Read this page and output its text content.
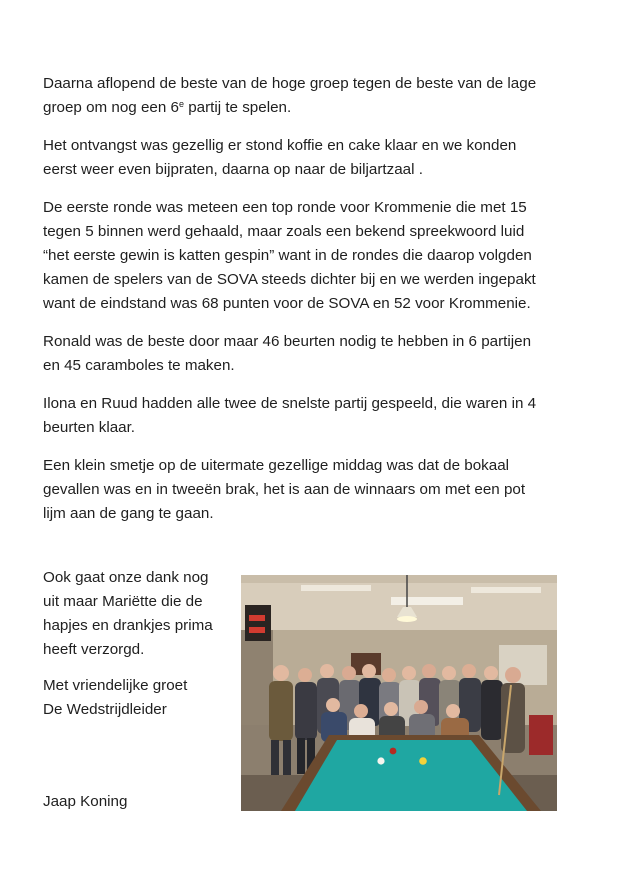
Daarna aflopend de beste van de hoge groep tegen de beste van de lage
groep om nog een 6e partij te spelen.

Het ontvangst was gezellig er stond koffie en cake klaar en we konden
eerst weer even bijpraten, daarna op naar de biljartzaal .

De eerste ronde was meteen een top ronde voor Krommenie die met 15
tegen 5 binnen werd gehaald, maar zoals een bekend spreekwoord luid
“het eerste gewin is katten gespin” want in de rondes die daarop volgden
kamen de spelers van de SOVA steeds dichter bij en we werden ingepakt
want de eindstand was 68 punten voor de SOVA en 52 voor Krommenie.

Ronald was de beste door maar 46 beurten nodig te hebben in 6 partijen
en 45 caramboles te maken.

Ilona en Ruud hadden alle twee de snelste partij gespeeld, die waren in 4
beurten klaar.

Een klein smetje op de uitermate gezellige middag was dat de bokaal
gevallen was en in tweeën brak, het is aan de winnaars om met een pot
lijm aan de gang te gaan.

Ook gaat onze dank nog
uit maar Mariëtte die de
hapjes en drankjes prima
heeft verzorgd.

Met vriendelijke groet
De Wedstrijdleider

Jaap Koning
